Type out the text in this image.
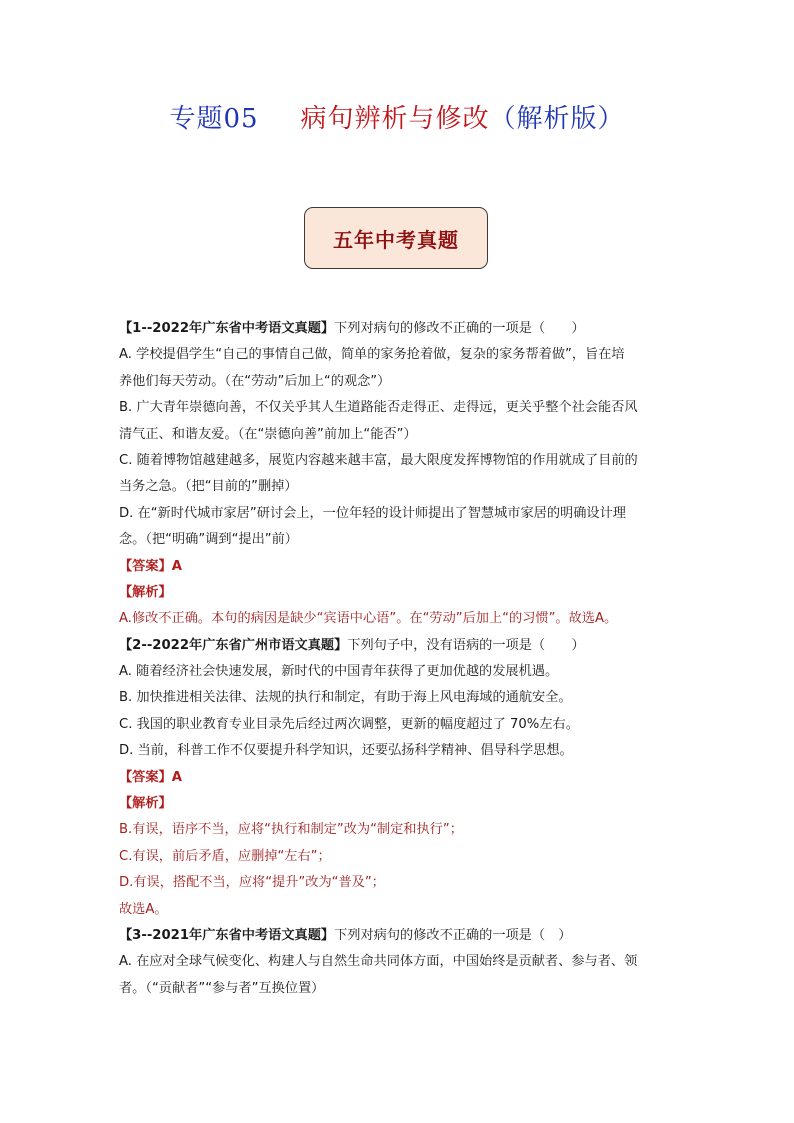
专题05 病句辨析与修改（解析版）
五年中考真题
【1--2022年广东省中考语文真题】下列对病句的修改不正确的一项是（　　）
A. 学校提倡学生“自己的事情自己做，简单的家务抢着做，复杂的家务帮着做”，旨在培
养他们每天劳动。（在“劳动”后加上“的观念”）
B. 广大青年崇德向善，不仅关乎其人生道路能否走得正、走得远，更关乎整个社会能否风
清气正、和谐友爱。（在“崇德向善”前加上“能否”）
C. 随着博物馆越建越多，展览内容越来越丰富，最大限度发挥博物馆的作用就成了目前的
当务之急。（把“目前的”删掉）
D. 在“新时代城市家居”研讨会上，一位年轻的设计师提出了智慧城市家居的明确设计理
念。（把“明确”调到“提出”前）
【答案】A
【解析】
A.修改不正确。本句的病因是缺少“宾语中心语”。在“劳动”后加上“的习惯”。故选A。
【2--2022年广东省广州市语文真题】下列句子中，没有语病的一项是（　　）
A. 随着经济社会快速发展，新时代的中国青年获得了更加优越的发展机遇。
B. 加快推进相关法律、法规的执行和制定，有助于海上风电海域的通航安全。
C. 我国的职业教育专业目录先后经过两次调整，更新的幅度超过了 70%左右。
D. 当前，科普工作不仅要提升科学知识，还要弘扬科学精神、倡导科学思想。
【答案】A
【解析】
B.有误，语序不当，应将“执行和制定”改为“制定和执行”；
C.有误，前后矛盾，应删掉“左右”；
D.有误，搭配不当，应将“提升”改为“普及”；
故选A。
【3--2021年广东省中考语文真题】下列对病句的修改不正确的一项是（　）
A. 在应对全球气候变化、构建人与自然生命共同体方面，中国始终是贡献者、参与者、领
者。（“贡献者”“参与者”互换位置）
